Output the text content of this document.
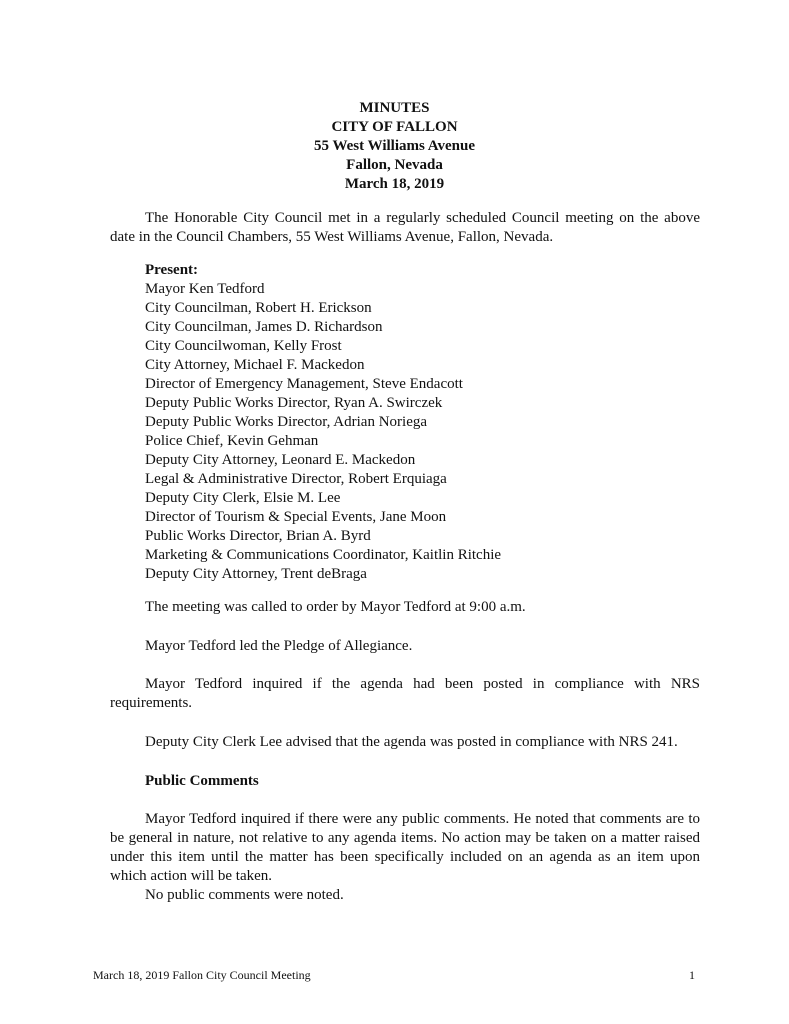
MINUTES
CITY OF FALLON
55 West Williams Avenue
Fallon, Nevada
March 18, 2019
The Honorable City Council met in a regularly scheduled Council meeting on the above date in the Council Chambers, 55 West Williams Avenue, Fallon, Nevada.
Present:
Mayor Ken Tedford
City Councilman, Robert H. Erickson
City Councilman, James D. Richardson
City Councilwoman, Kelly Frost
City Attorney, Michael F. Mackedon
Director of Emergency Management, Steve Endacott
Deputy Public Works Director, Ryan A. Swirczek
Deputy Public Works Director, Adrian Noriega
Police Chief, Kevin Gehman
Deputy City Attorney, Leonard E. Mackedon
Legal & Administrative Director, Robert Erquiaga
Deputy City Clerk, Elsie M. Lee
Director of Tourism & Special Events, Jane Moon
Public Works Director, Brian A. Byrd
Marketing & Communications Coordinator, Kaitlin Ritchie
Deputy City Attorney, Trent deBraga
The meeting was called to order by Mayor Tedford at 9:00 a.m.
Mayor Tedford led the Pledge of Allegiance.
Mayor Tedford inquired if the agenda had been posted in compliance with NRS requirements.
Deputy City Clerk Lee advised that the agenda was posted in compliance with NRS 241.
Public Comments
Mayor Tedford inquired if there were any public comments. He noted that comments are to be general in nature, not relative to any agenda items. No action may be taken on a matter raised under this item until the matter has been specifically included on an agenda as an item upon which action will be taken.
No public comments were noted.
March 18, 2019 Fallon City Council Meeting	1
